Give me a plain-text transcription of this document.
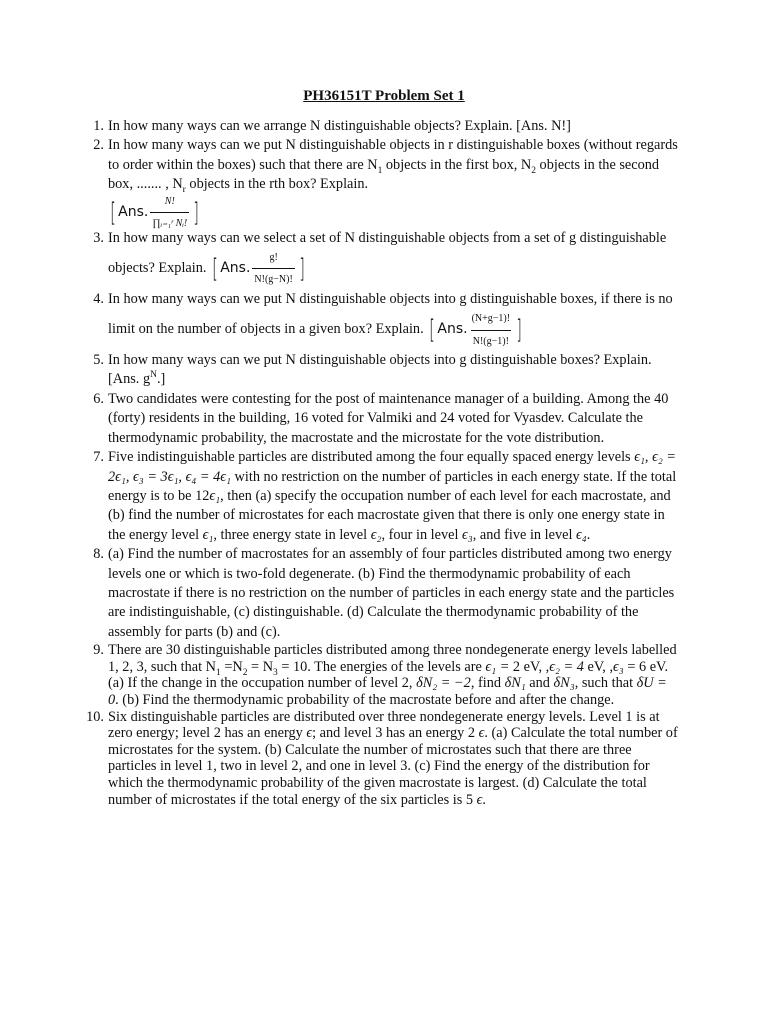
PH36151T Problem Set 1
1. In how many ways can we arrange N distinguishable objects? Explain. [Ans. N!]
2. In how many ways can we put N distinguishable objects in r distinguishable boxes (without regards to order within the boxes) such that there are $N_1$ objects in the first box, $N_2$ objects in the second box, ....... , $N_r$ objects in the rth box? Explain.
[ Ans. $\frac{N!}{\text{∏ᵢ₌₁ʳ Nᵢ!}}$ ]
3. In how many ways can we select a set of N distinguishable objects from a set of g distinguishable objects? Explain. [ Ans. $\frac{g!}{N!(g-N)!}$ ]
4. In how many ways can we put N distinguishable objects into g distinguishable boxes, if there is no limit on the number of objects in a given box? Explain. [ Ans. $\frac{(N+g-1)!}{N!(g-1)!}$ ]
5. In how many ways can we put N distinguishable objects into g distinguishable boxes? Explain. [Ans. $g^N$.]
6. Two candidates were contesting for the post of maintenance manager of a building. Among the 40 (forty) residents in the building, 16 voted for Valmiki and 24 voted for Vyasdev. Calculate the thermodynamic probability, the macrostate and the microstate for the vote distribution.
7. Five indistinguishable particles are distributed among the four equally spaced energy levels ϵ₁, ϵ₂ = 2ϵ₁, ϵ₃ = 3ϵ₁, ϵ₄ = 4ϵ₁ with no restriction on the number of particles in each energy state. If the total energy is to be 12ϵ₁, then (a) specify the occupation number of each level for each macrostate, and (b) find the number of microstates for each macrostate given that there is only one energy state in the energy level ϵ₁, three energy state in level ϵ₂, four in level ϵ₃, and five in level ϵ₄.
8. (a) Find the number of macrostates for an assembly of four particles distributed among two energy levels one or which is two-fold degenerate. (b) Find the thermodynamic probability of each macrostate if there is no restriction on the number of particles in each energy state and the particles are indistinguishable, (c) distinguishable. (d) Calculate the thermodynamic probability of the assembly for parts (b) and (c).
9. There are 30 distinguishable particles distributed among three nondegenerate energy levels labelled 1, 2, 3, such that $N_1 =N_2 = N_3 = 10$. The energies of the levels are ϵ₁ = 2 eV, ,ϵ₂ = 4 eV, ,ϵ₃ = 6 eV. (a) If the change in the occupation number of level 2, δN₂ = −2, find δN₁ and δN₃, such that δU = 0. (b) Find the thermodynamic probability of the macrostate before and after the change.
10. Six distinguishable particles are distributed over three nondegenerate energy levels. Level 1 is at zero energy; level 2 has an energy ϵ; and level 3 has an energy 2 ϵ. (a) Calculate the total number of microstates for the system. (b) Calculate the number of microstates such that there are three particles in level 1, two in level 2, and one in level 3. (c) Find the energy of the distribution for which the thermodynamic probability of the given macrostate is largest. (d) Calculate the total number of microstates if the total energy of the six particles is 5 ϵ.
